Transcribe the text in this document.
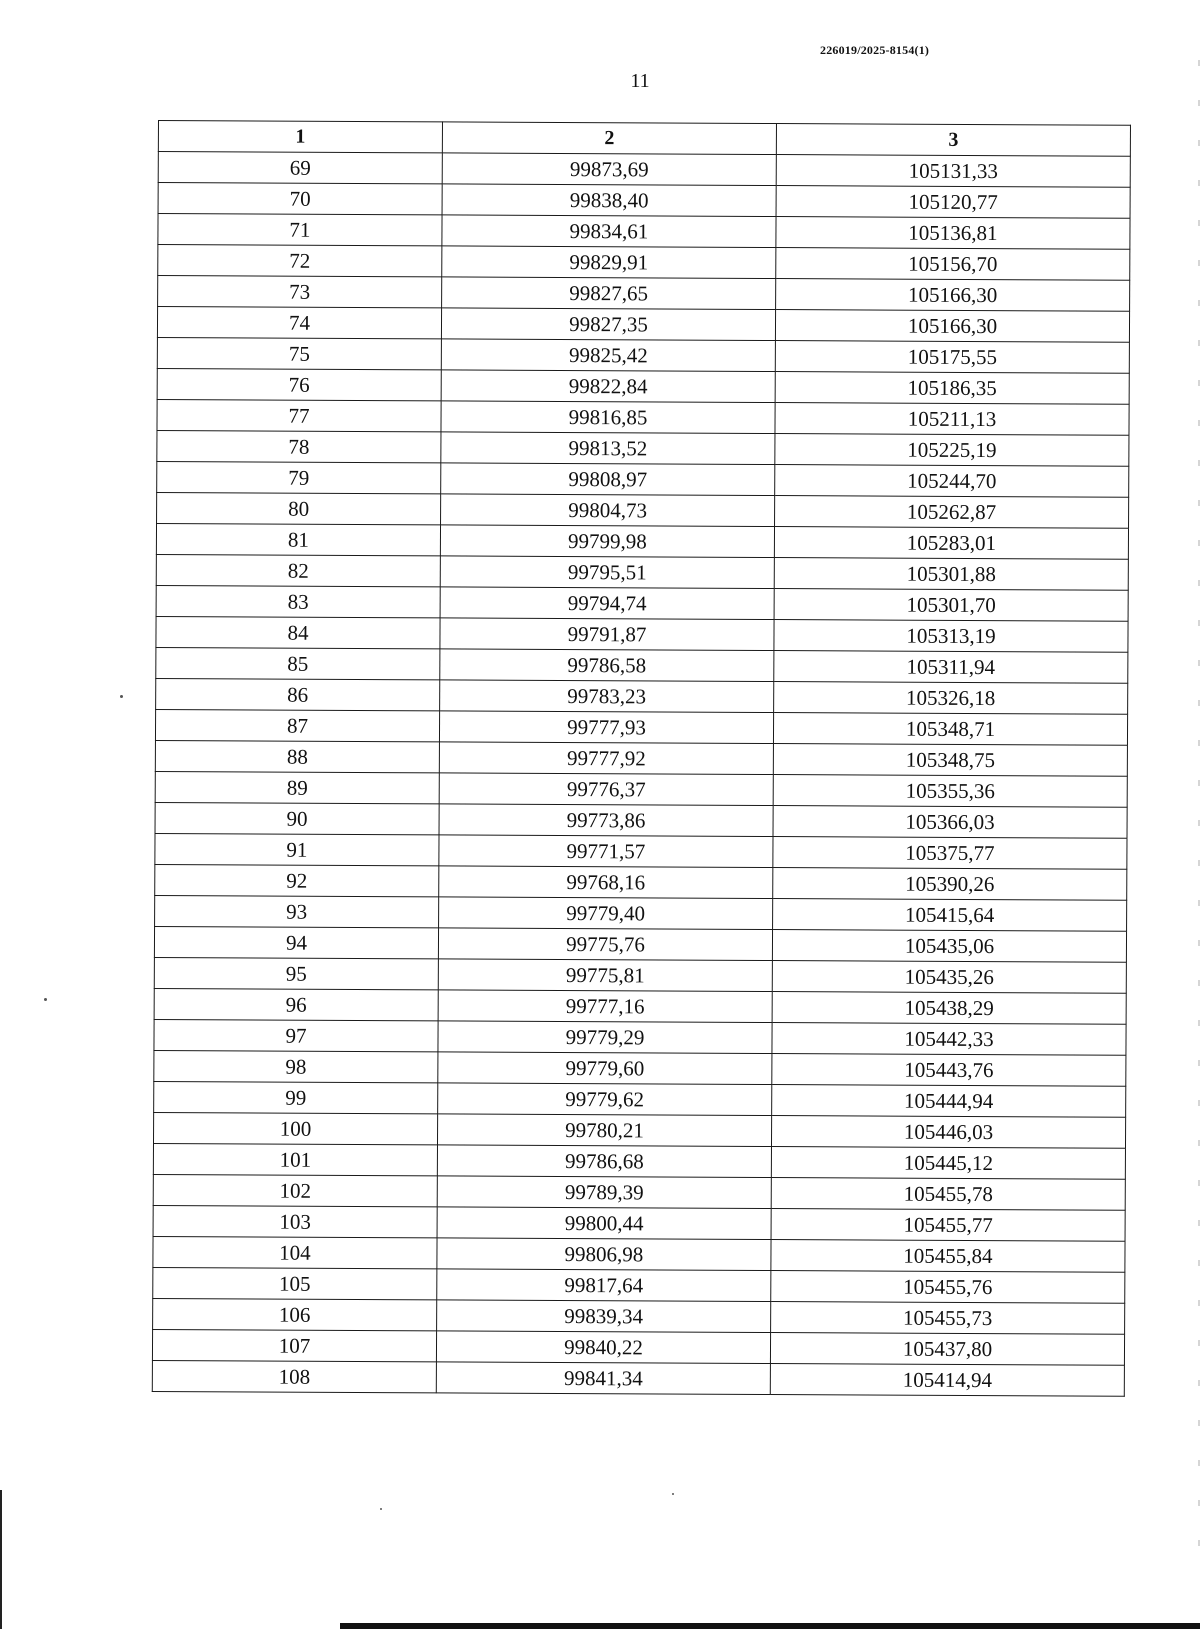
226019/2025-8154(1)
11
1	2	3
69	99873,69	105131,33
70	99838,40	105120,77
71	99834,61	105136,81
72	99829,91	105156,70
73	99827,65	105166,30
74	99827,35	105166,30
75	99825,42	105175,55
76	99822,84	105186,35
77	99816,85	105211,13
78	99813,52	105225,19
79	99808,97	105244,70
80	99804,73	105262,87
81	99799,98	105283,01
82	99795,51	105301,88
83	99794,74	105301,70
84	99791,87	105313,19
85	99786,58	105311,94
86	99783,23	105326,18
87	99777,93	105348,71
88	99777,92	105348,75
89	99776,37	105355,36
90	99773,86	105366,03
91	99771,57	105375,77
92	99768,16	105390,26
93	99779,40	105415,64
94	99775,76	105435,06
95	99775,81	105435,26
96	99777,16	105438,29
97	99779,29	105442,33
98	99779,60	105443,76
99	99779,62	105444,94
100	99780,21	105446,03
101	99786,68	105445,12
102	99789,39	105455,78
103	99800,44	105455,77
104	99806,98	105455,84
105	99817,64	105455,76
106	99839,34	105455,73
107	99840,22	105437,80
108	99841,34	105414,94
